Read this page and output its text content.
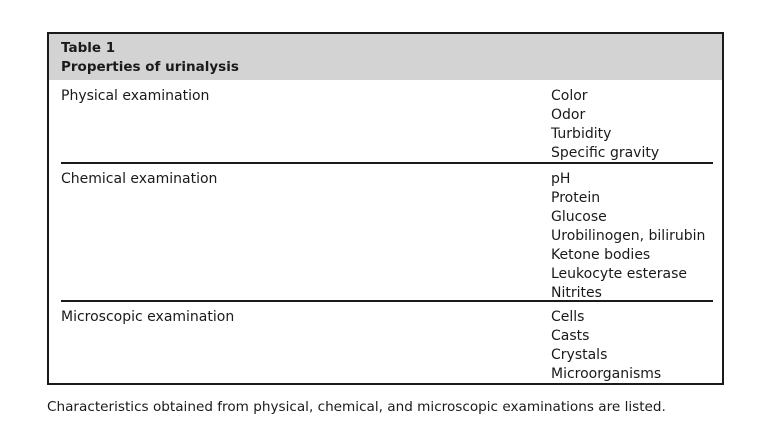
Table 1
Properties of urinalysis
Physical examination	Color
Odor
Turbidity
Specific gravity
Chemical examination	pH
Protein
Glucose
Urobilinogen, bilirubin
Ketone bodies
Leukocyte esterase
Nitrites
Microscopic examination	Cells
Casts
Crystals
Microorganisms
Characteristics obtained from physical, chemical, and microscopic examinations are listed.
